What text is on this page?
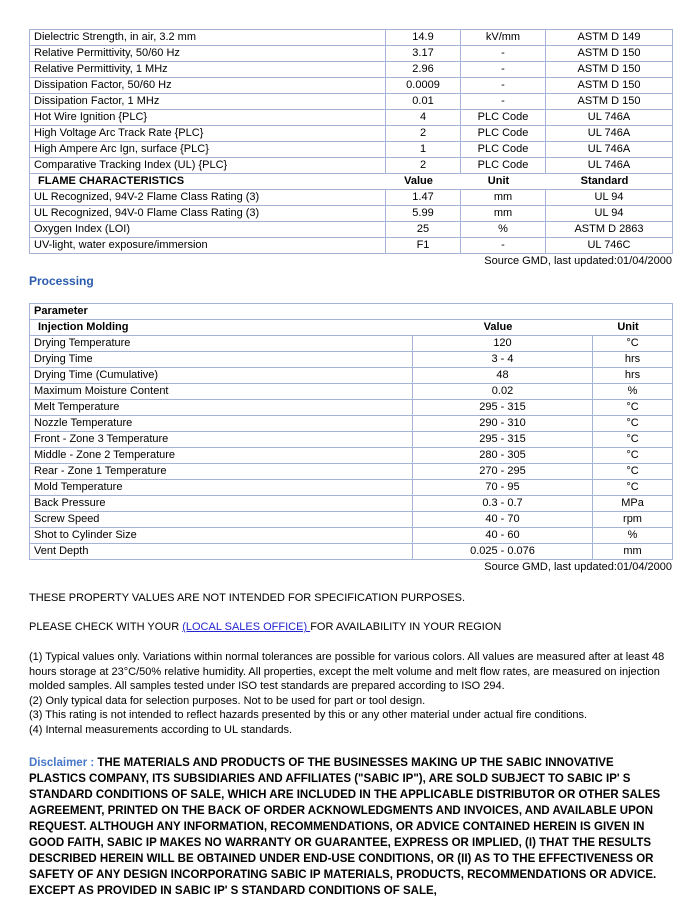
Dielectric Strength, in air, 3.2 mm	14.9	kV/mm	ASTM D 149
Relative Permittivity, 50/60 Hz	3.17	-	ASTM D 150
Relative Permittivity, 1 MHz	2.96	-	ASTM D 150
Dissipation Factor, 50/60 Hz	0.0009	-	ASTM D 150
Dissipation Factor, 1 MHz	0.01	-	ASTM D 150
Hot Wire Ignition {PLC}	4	PLC Code	UL 746A
High Voltage Arc Track Rate {PLC}	2	PLC Code	UL 746A
High Ampere Arc Ign, surface {PLC}	1	PLC Code	UL 746A
Comparative Tracking Index (UL) {PLC}	2	PLC Code	UL 746A

FLAME CHARACTERISTICS Value Unit Standard			

UL Recognized, 94V-2 Flame Class Rating (3)	1.47	mm	UL 94
UL Recognized, 94V-0 Flame Class Rating (3)	5.99	mm	UL 94
Oxygen Index (LOI)	25	%	ASTM D 2863
UV-light, water exposure/immersion	F1	-	UL 746C
Source GMD, last updated:01/04/2000
Processing
Parameter		

Injection Molding Value Unit		

Drying Temperature	120	°C
Drying Time	3 - 4	hrs
Drying Time (Cumulative)	48	hrs
Maximum Moisture Content	0.02	%
Melt Temperature	295 - 315	°C
Nozzle Temperature	290 - 310	°C
Front - Zone 3 Temperature	295 - 315	°C
Middle - Zone 2 Temperature	280 - 305	°C
Rear - Zone 1 Temperature	270 - 295	°C
Mold Temperature	70 - 95	°C
Back Pressure	0.3 - 0.7	MPa
Screw Speed	40 - 70	rpm
Shot to Cylinder Size	40 - 60	%
Vent Depth	0.025 - 0.076	mm
Source GMD, last updated:01/04/2000

THESE PROPERTY VALUES ARE NOT INTENDED FOR SPECIFICATION PURPOSES.

PLEASE CHECK WITH YOUR (LOCAL SALES OFFICE) FOR AVAILABILITY IN YOUR REGION

(1) Typical values only. Variations within normal tolerances are possible for various colors. All values are measured after at least 48 hours storage at 23°C/50% relative humidity. All properties, except the melt volume and melt flow rates, are measured on injection molded samples. All samples tested under ISO test standards are prepared according to ISO 294.
(2) Only typical data for selection purposes. Not to be used for part or tool design.
(3) This rating is not intended to reflect hazards presented by this or any other material under actual fire conditions.
(4) Internal measurements according to UL standards.

Disclaimer : THE MATERIALS AND PRODUCTS OF THE BUSINESSES MAKING UP THE SABIC INNOVATIVE PLASTICS COMPANY, ITS SUBSIDIARIES AND AFFILIATES ("SABIC IP"), ARE SOLD SUBJECT TO SABIC IP' S STANDARD CONDITIONS OF SALE, WHICH ARE INCLUDED IN THE APPLICABLE DISTRIBUTOR OR OTHER SALES AGREEMENT, PRINTED ON THE BACK OF ORDER ACKNOWLEDGMENTS AND INVOICES, AND AVAILABLE UPON REQUEST. ALTHOUGH ANY INFORMATION, RECOMMENDATIONS, OR ADVICE CONTAINED HEREIN IS GIVEN IN GOOD FAITH, SABIC IP MAKES NO WARRANTY OR GUARANTEE, EXPRESS OR IMPLIED, (I) THAT THE RESULTS DESCRIBED HEREIN WILL BE OBTAINED UNDER END-USE CONDITIONS, OR (II) AS TO THE EFFECTIVENESS OR SAFETY OF ANY DESIGN INCORPORATING SABIC IP MATERIALS, PRODUCTS, RECOMMENDATIONS OR ADVICE. EXCEPT AS PROVIDED IN SABIC IP' S STANDARD CONDITIONS OF SALE,
